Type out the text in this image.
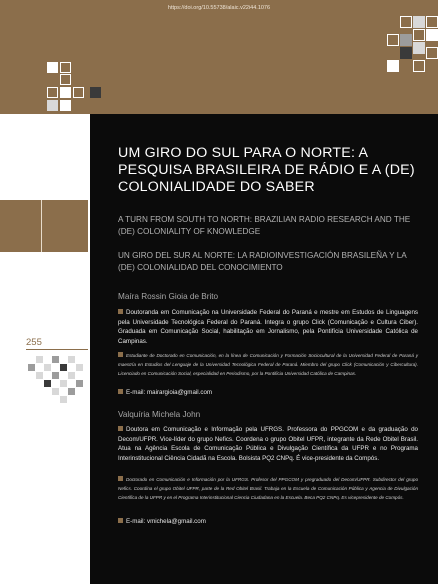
https://doi.org/10.55738/alaic.v22i44.1076
255
UM GIRO DO SUL PARA O NORTE: A PESQUISA BRASILEIRA DE RÁDIO E A (DE) COLONIALIDADE DO SABER

A TURN FROM SOUTH TO NORTH: BRAZILIAN RADIO RESEARCH AND THE (DE) COLONIALITY OF KNOWLEDGE

UN GIRO DEL SUR AL NORTE: LA RADIOINVESTIGACIÓN BRASILEÑA Y LA (DE) COLONIALIDAD DEL CONOCIMIENTO

Maíra Rossin Gioia de Brito

Doutoranda em Comunicação na Universidade Federal do Paraná e mestre em Estudos de Linguagens pela Universidade Tecnológica Federal do Paraná. Integra o grupo Click (Comunicação e Cultura Ciber). Graduada em Comunicação Social, habilitação em Jornalismo, pela Pontifícia Universidade Católica de Campinas.

Estudiante de Doctorado en Comunicación, en la línea de Comunicación y Formación Sociocultural de la Universidad Federal de Paraná y maestría en Estudios del Lenguaje de la Universidad Tecnológica Federal de Paraná. Miembro del grupo Click (Comunicación y Cibercultura). Licenciado en Comunicación Social, especialidad en Periodismo, por la Pontificia Universidad Católica de Campinas.

E-mail: mairargioia@gmail.com
Valquíria Michela John

Doutora em Comunicação e Informação pela UFRGS. Professora do PPGCOM e da graduação do Decom/UFPR. Vice-líder do grupo Nefics. Coordena o grupo Obitel UFPR, integrante da Rede Obitel Brasil. Atua na Agência Escola de Comunicação Pública e Divulgação Científica da UFPR e no Programa Interinstitucional Ciência Cidadã na Escola. Bolsista PQ2 CNPq. É vice-presidente da Compós.

Doctorado en Comunicación e Información por la UFRGS. Profesor del PPGCOM y pregraduado del Decom/UFPR. Subdirector del grupo Nefics. Coordina el grupo Obitel UFPR, parte de la Red Obitel Brasil. Trabaja en la Escuela de Comunicación Pública y Agencia de Divulgación Científica de la UFPR y en el Programa Interinstitucional Ciencia Ciudadana en la Escuela. Beca PQ2 CNPq. Es vicepresidente de Compós.

E-mail: vmichela@gmail.com
